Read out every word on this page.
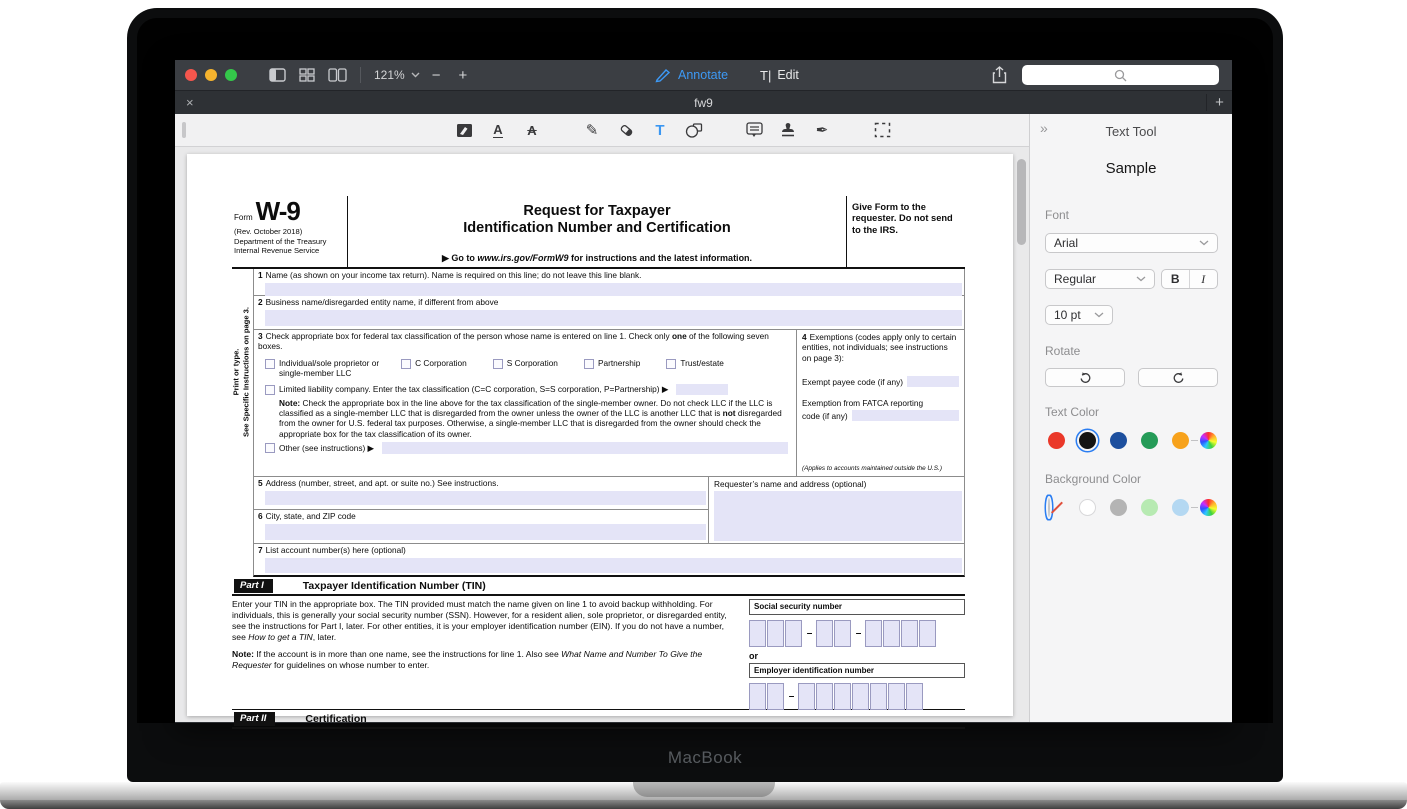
121%	−	+	Annotate T| Edit
×	fw9	+
A A	✎	T	✒
Form W-9
(Rev. October 2018)
Department of the Treasury
Internal Revenue Service
Request for Taxpayer
Identification Number and Certification
▶ Go to www.irs.gov/FormW9 for instructions and the latest information.
Give Form to the requester. Do not send to the IRS.
Print or type.
See Specific Instructions on page 3.
1 Name (as shown on your income tax return). Name is required on this line; do not leave this line blank.
2 Business name/disregarded entity name, if different from above
3 Check appropriate box for federal tax classification of the person whose name is entered on line 1. Check only one of the following seven boxes.
Individual/sole proprietor or
single-member LLC
C Corporation	S Corporation	Partnership	Trust/estate
Limited liability company. Enter the tax classification (C=C corporation, S=S corporation, P=Partnership) ▶
Note: Check the appropriate box in the line above for the tax classification of the single-member owner. Do not check LLC if the LLC is classified as a single-member LLC that is disregarded from the owner unless the owner of the LLC is another LLC that is not disregarded from the owner for U.S. federal tax purposes. Otherwise, a single-member LLC that is disregarded from the owner should check the appropriate box for the tax classification of its owner.
Other (see instructions) ▶
4 Exemptions (codes apply only to certain entities, not individuals; see instructions on page 3):
Exempt payee code (if any)
Exemption from FATCA reporting
code (if any)
(Applies to accounts maintained outside the U.S.)
5 Address (number, street, and apt. or suite no.) See instructions.
6 City, state, and ZIP code
Requester’s name and address (optional)
7 List account number(s) here (optional)
Part I	Taxpayer Identification Number (TIN)

Enter your TIN in the appropriate box. The TIN provided must match the name given on line 1 to avoid backup withholding. For individuals, this is generally your social security number (SSN). However, for a resident alien, sole proprietor, or disregarded entity, see the instructions for Part I, later. For other entities, it is your employer identification number (EIN). If you do not have a number, see How to get a TIN, later.

Note: If the account is in more than one name, see the instructions for line 1. Also see What Name and Number To Give the Requester for guidelines on whose number to enter.

Social security number
–	–
or
Employer identification number
–
Part II	Certification
»	Text Tool
Sample
Font
Arial
Regular	B	I
10 pt
Rotate
Text Color
Background Color
MacBook
